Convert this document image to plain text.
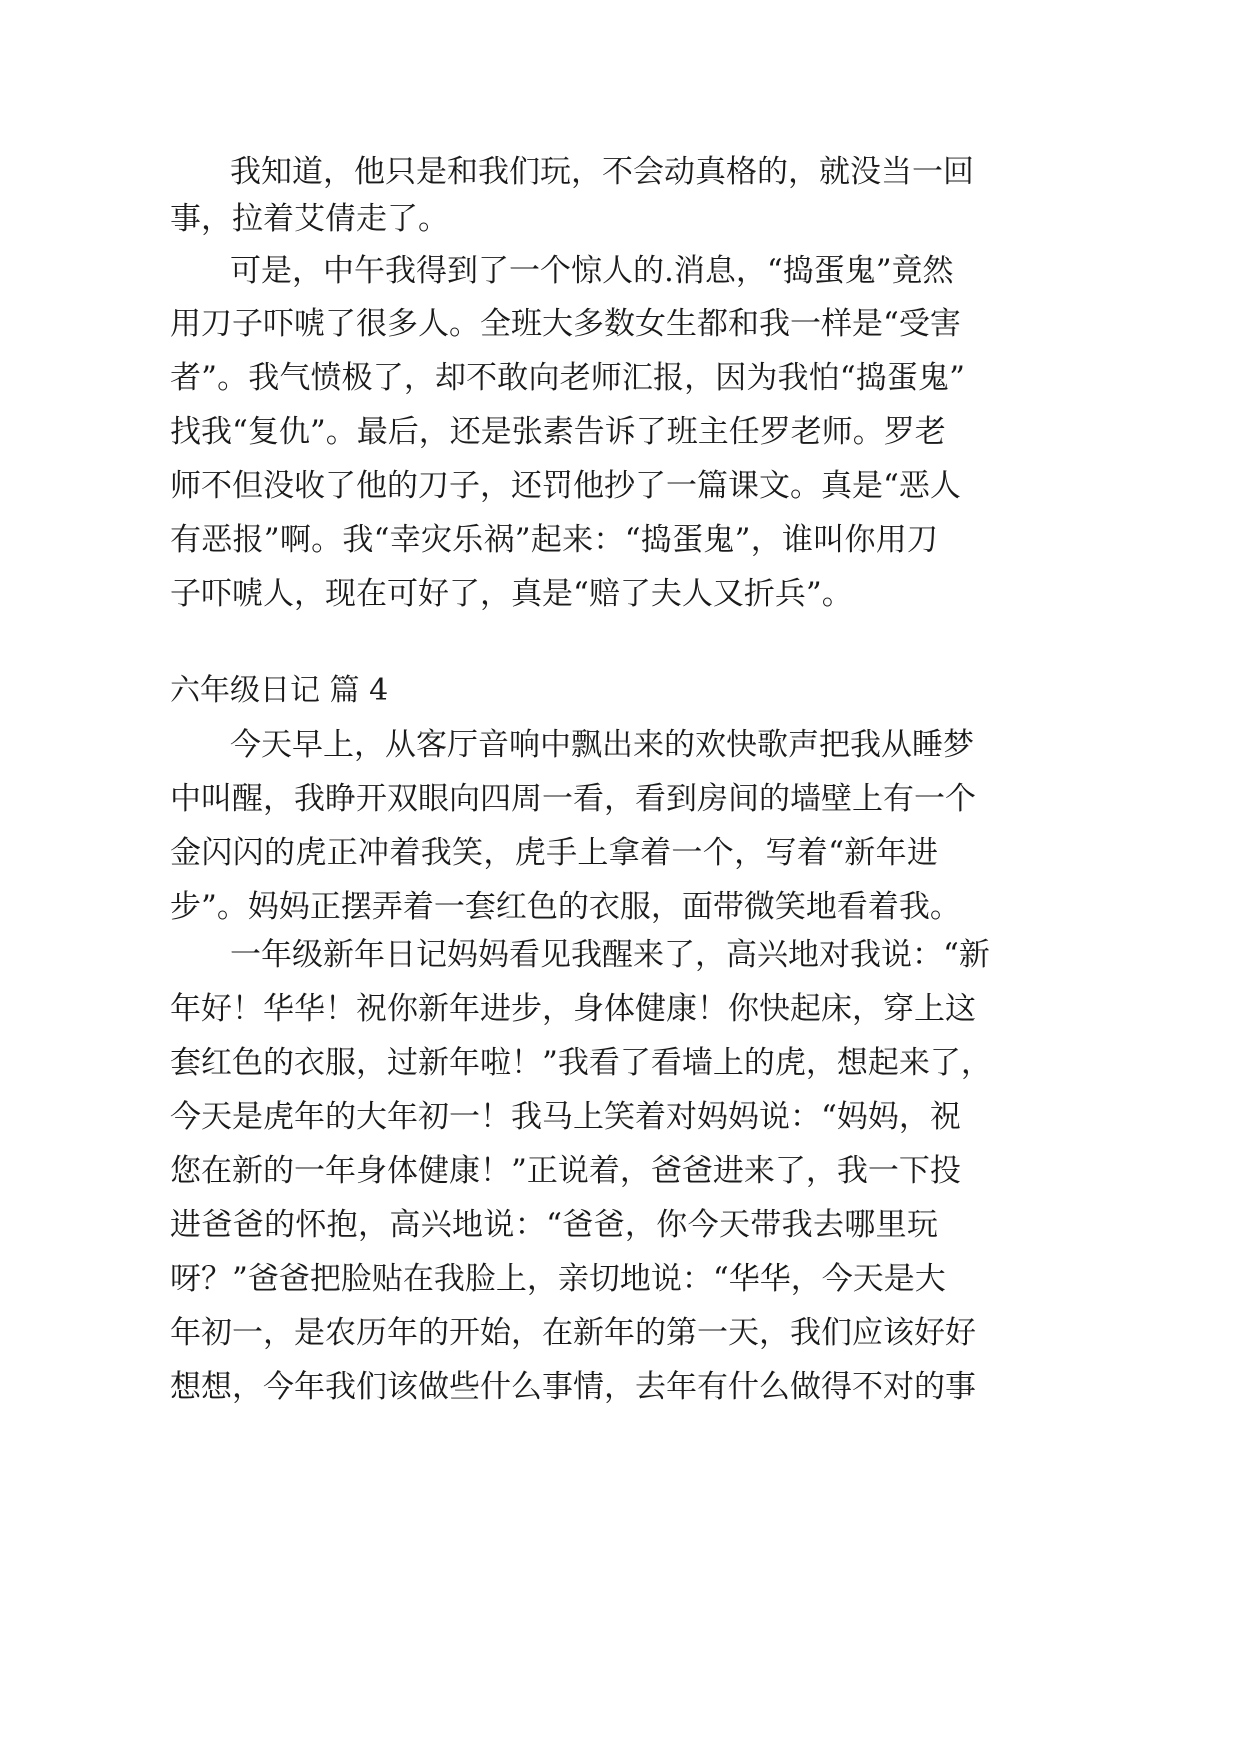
我知道，他只是和我们玩，不会动真格的，就没当一回
事，拉着艾倩走了。
可是，中午我得到了一个惊人的.消息，“捣蛋鬼”竟然
用刀子吓唬了很多人。全班大多数女生都和我一样是“受害
者”。我气愤极了，却不敢向老师汇报，因为我怕“捣蛋鬼”
找我“复仇”。最后，还是张素告诉了班主任罗老师。罗老
师不但没收了他的刀子，还罚他抄了一篇课文。真是“恶人
有恶报”啊。我“幸灾乐祸”起来：“捣蛋鬼”，谁叫你用刀
子吓唬人，现在可好了，真是“赔了夫人又折兵”。
六年级日记 篇 4
今天早上，从客厅音响中飘出来的欢快歌声把我从睡梦
中叫醒，我睁开双眼向四周一看，看到房间的墙壁上有一个
金闪闪的虎正冲着我笑，虎手上拿着一个，写着“新年进
步”。妈妈正摆弄着一套红色的衣服，面带微笑地看着我。
一年级新年日记妈妈看见我醒来了，高兴地对我说：“新
年好！华华！祝你新年进步，身体健康！你快起床，穿上这
套红色的衣服，过新年啦！”我看了看墙上的虎，想起来了，
今天是虎年的大年初一！我马上笑着对妈妈说：“妈妈，祝
您在新的一年身体健康！”正说着，爸爸进来了，我一下投
进爸爸的怀抱，高兴地说：“爸爸，你今天带我去哪里玩
呀？”爸爸把脸贴在我脸上，亲切地说：“华华，今天是大
年初一，是农历年的开始，在新年的第一天，我们应该好好
想想，今年我们该做些什么事情，去年有什么做得不对的事
